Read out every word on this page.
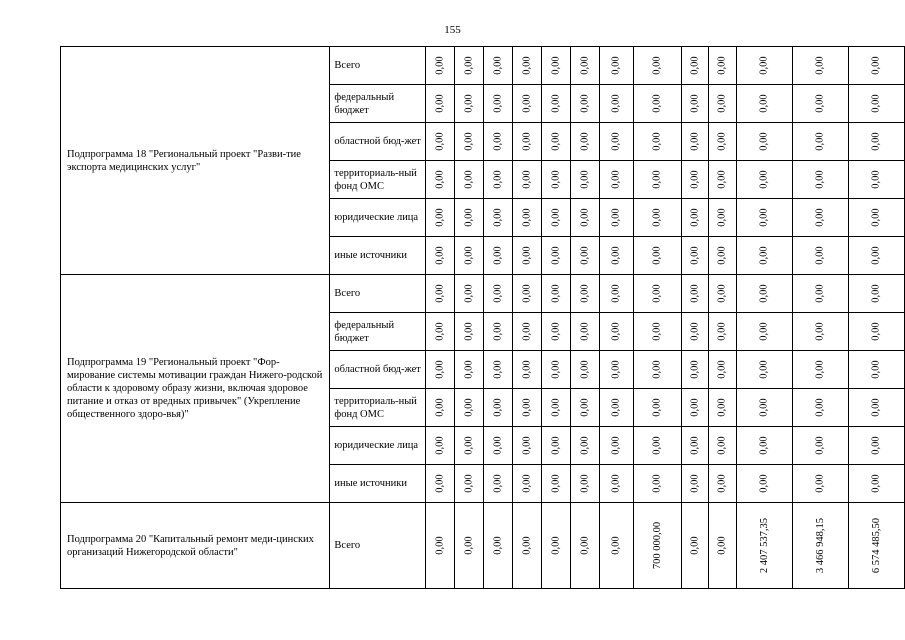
155
Подпрограмма 18 "Региональный проект "Разви-тие экспорта медицинских услуг"	Всего	0,00	0,00	0,00	0,00	0,00	0,00	0,00	0,00	0,00	0,00	0,00	0,00	0,00
	федеральный бюджет	0,00	0,00	0,00	0,00	0,00	0,00	0,00	0,00	0,00	0,00	0,00	0,00	0,00
	областной бюд-жет	0,00	0,00	0,00	0,00	0,00	0,00	0,00	0,00	0,00	0,00	0,00	0,00	0,00
	территориаль-ный фонд ОМС	0,00	0,00	0,00	0,00	0,00	0,00	0,00	0,00	0,00	0,00	0,00	0,00	0,00
	юридические лица	0,00	0,00	0,00	0,00	0,00	0,00	0,00	0,00	0,00	0,00	0,00	0,00	0,00
	иные источники	0,00	0,00	0,00	0,00	0,00	0,00	0,00	0,00	0,00	0,00	0,00	0,00	0,00
Подпрограмма 19 "Региональный проект "Фор-мирование системы мотивации граждан Нижего-родской области к здоровому образу жизни, включая здоровое питание и отказ от вредных привычек" (Укрепление общественного здоро-вья)"	Всего	0,00	0,00	0,00	0,00	0,00	0,00	0,00	0,00	0,00	0,00	0,00	0,00	0,00
	федеральный бюджет	0,00	0,00	0,00	0,00	0,00	0,00	0,00	0,00	0,00	0,00	0,00	0,00	0,00
	областной бюд-жет	0,00	0,00	0,00	0,00	0,00	0,00	0,00	0,00	0,00	0,00	0,00	0,00	0,00
	территориаль-ный фонд ОМС	0,00	0,00	0,00	0,00	0,00	0,00	0,00	0,00	0,00	0,00	0,00	0,00	0,00
	юридические лица	0,00	0,00	0,00	0,00	0,00	0,00	0,00	0,00	0,00	0,00	0,00	0,00	0,00
	иные источники	0,00	0,00	0,00	0,00	0,00	0,00	0,00	0,00	0,00	0,00	0,00	0,00	0,00
Подпрограмма 20 "Капитальный ремонт меди-цинских организаций Нижегородской области"	Всего	0,00	0,00	0,00	0,00	0,00	0,00	0,00	700 000,00	0,00	0,00	2 407 537,35	3 466 948,15	6 574 485,50
